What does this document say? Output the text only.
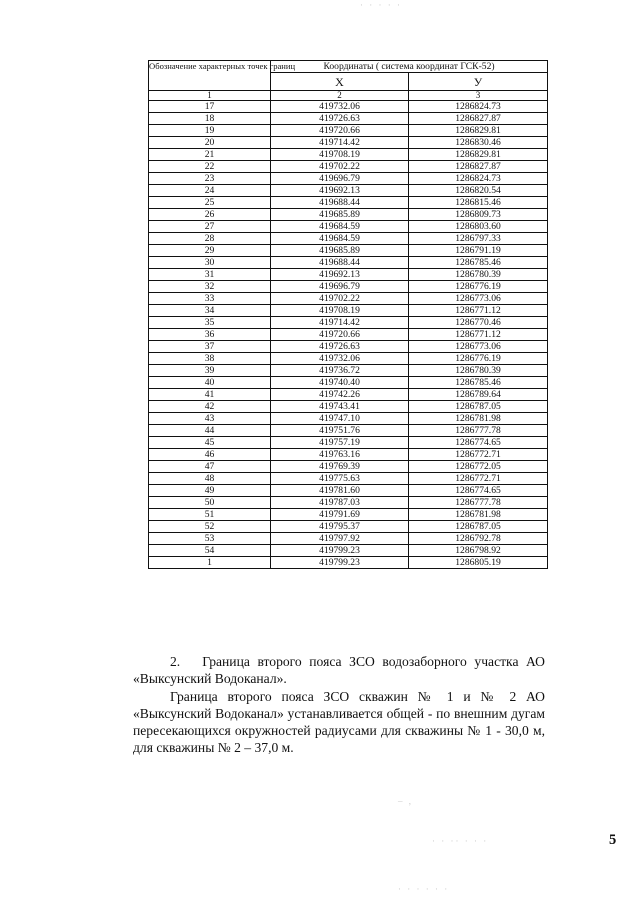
· · · · ·
Обозначение характерных точек границ	Координаты ( система координат ГСК-52)	
	Х	У
1	2	3
17	419732.06	1286824.73
18	419726.63	1286827.87
19	419720.66	1286829.81
20	419714.42	1286830.46
21	419708.19	1286829.81
22	419702.22	1286827.87
23	419696.79	1286824.73
24	419692.13	1286820.54
25	419688.44	1286815.46
26	419685.89	1286809.73
27	419684.59	1286803.60
28	419684.59	1286797.33
29	419685.89	1286791.19
30	419688.44	1286785.46
31	419692.13	1286780.39
32	419696.79	1286776.19
33	419702.22	1286773.06
34	419708.19	1286771.12
35	419714.42	1286770.46
36	419720.66	1286771.12
37	419726.63	1286773.06
38	419732.06	1286776.19
39	419736.72	1286780.39
40	419740.40	1286785.46
41	419742.26	1286789.64
42	419743.41	1286787.05
43	419747.10	1286781.98
44	419751.76	1286777.78
45	419757.19	1286774.65
46	419763.16	1286772.71
47	419769.39	1286772.05
48	419775.63	1286772.71
49	419781.60	1286774.65
50	419787.03	1286777.78
51	419791.69	1286781.98
52	419795.37	1286787.05
53	419797.92	1286792.78
54	419799.23	1286798.92
1	419799.23	1286805.19
2. Граница второго пояса ЗСО водозаборного участка АО «Выксунский Водоканал».
Граница второго пояса ЗСО скважин № 1 и № 2 АО «Выксунский Водоканал» устанавливается общей - по внешним дугам пересекающихся окружностей радиусами для скважины № 1 - 30,0 м, для скважины № 2 – 37,0 м.
– ,
· · ·· · · ·
· · · · · ·
5
